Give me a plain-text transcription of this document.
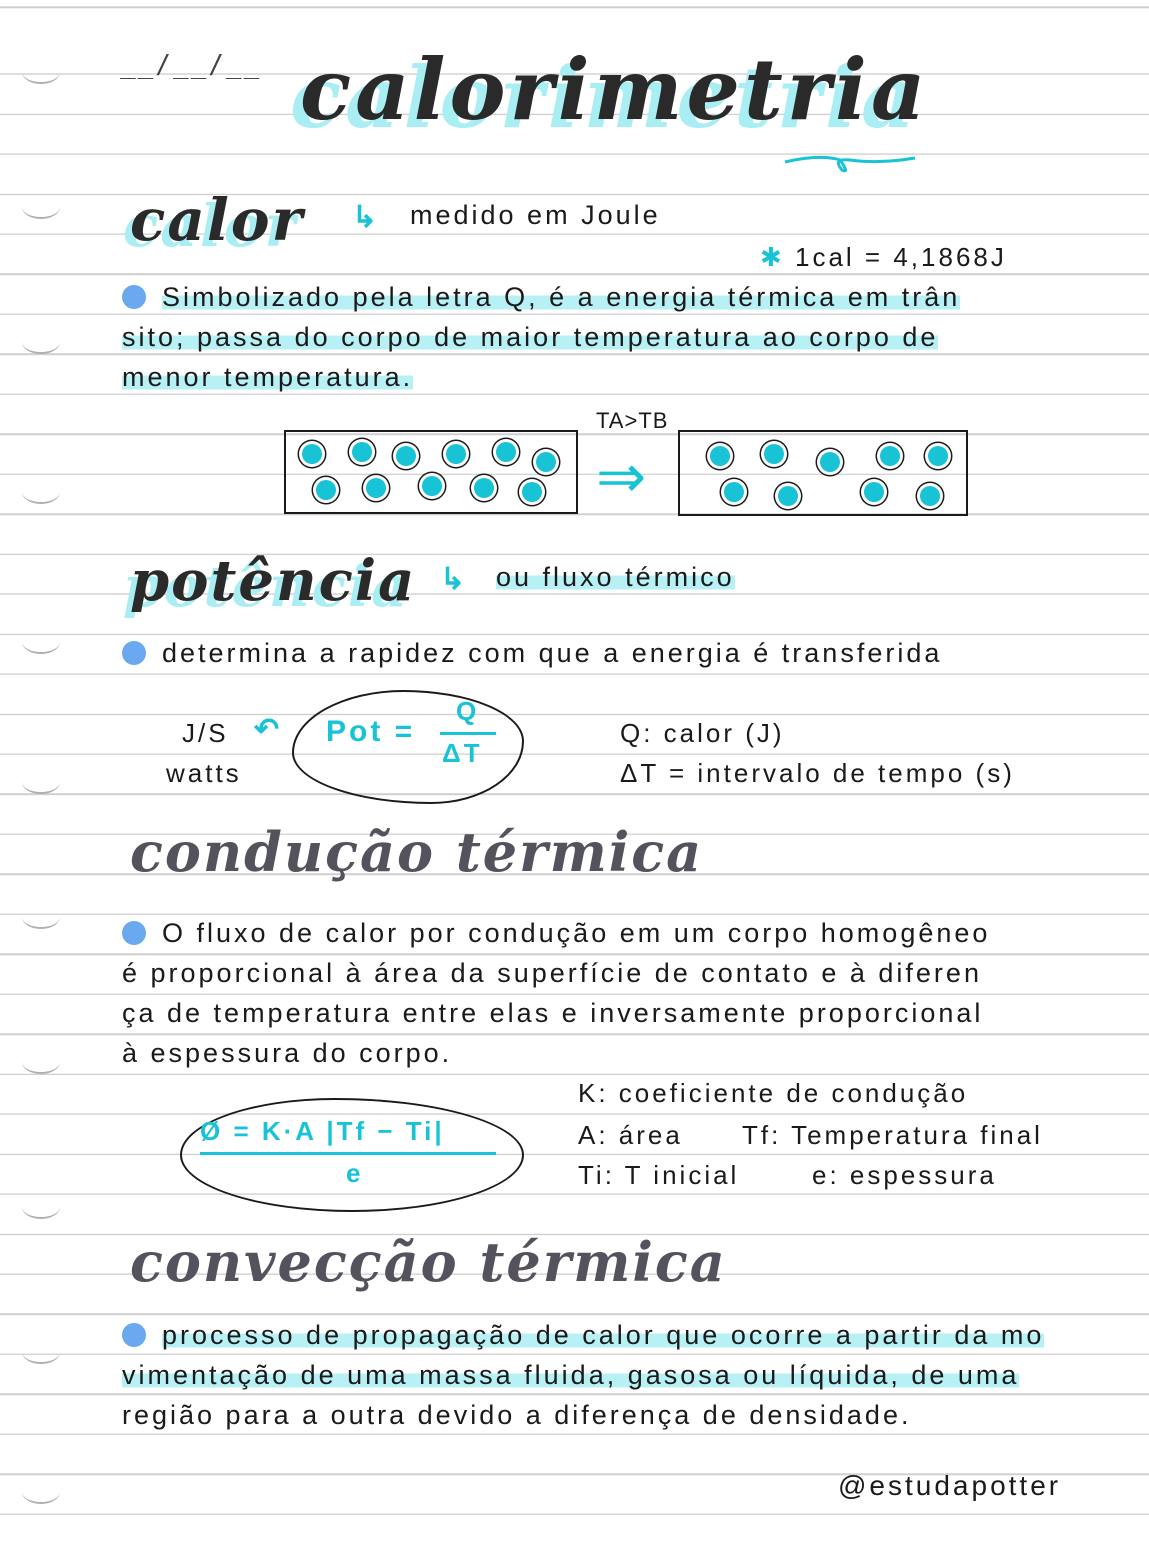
__/__/__ calorimetria
calor ↳ medido em Joule
✱ 1cal = 4,1868J
Simbolizado pela letra Q, é a energia térmica em trân
sito; passa do corpo de maior temperatura ao corpo de
menor temperatura.
TA>TB
⇒
potência ↳ ou fluxo térmico
determina a rapidez com que a energia é transferida
J/S
watts
↶ Pot =
Q
ΔT
Q: calor (J)
ΔT = intervalo de tempo (s)
condução térmica
O fluxo de calor por condução em um corpo homogêneo
é proporcional à área da superfície de contato e à diferen
ça de temperatura entre elas e inversamente proporcional
à espessura do corpo.
Ø = K·A |Tf − Ti|
e
K: coeficiente de condução
A: área Tf: Temperatura final
Ti: T inicial	e: espessura
convecção térmica
processo de propagação de calor que ocorre a partir da mo
vimentação de uma massa fluida, gasosa ou líquida, de uma
região para a outra devido a diferença de densidade.
@estudapotter
